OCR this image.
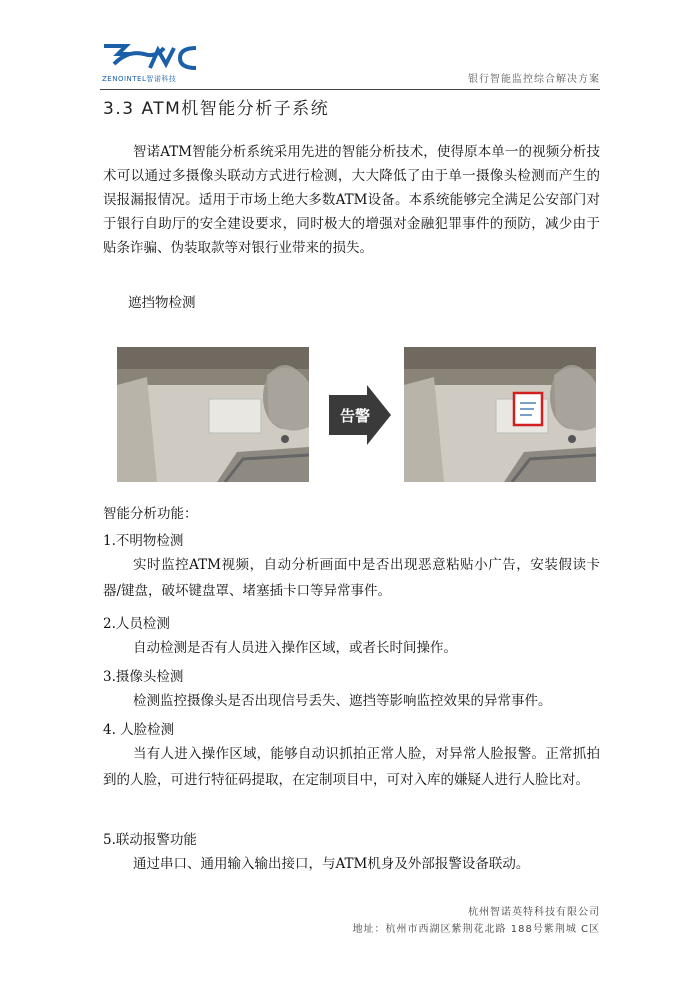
ZENOINTEL智诺科技	银行智能监控综合解决方案
3.3 ATM机智能分析子系统
智诺ATM智能分析系统采用先进的智能分析技术，使得原本单一的视频分析技术可以通过多摄像头联动方式进行检测，大大降低了由于单一摄像头检测而产生的误报漏报情况。适用于市场上绝大多数ATM设备。本系统能够完全满足公安部门对于银行自助厅的安全建设要求，同时极大的增强对金融犯罪事件的预防，减少由于贴条诈骗、伪装取款等对银行业带来的损失。
遮挡物检测
告警
智能分析功能：
1.不明物检测
实时监控ATM视频，自动分析画面中是否出现恶意粘贴小广告，安装假读卡器/键盘，破坏键盘罩、堵塞插卡口等异常事件。
2.人员检测
自动检测是否有人员进入操作区域，或者长时间操作。
3.摄像头检测
检测监控摄像头是否出现信号丢失、遮挡等影响监控效果的异常事件。
4. 人脸检测
当有人进入操作区域，能够自动识抓拍正常人脸，对异常人脸报警。正常抓拍到的人脸，可进行特征码提取，在定制项目中，可对入库的嫌疑人进行人脸比对。
5.联动报警功能
通过串口、通用输入输出接口，与ATM机身及外部报警设备联动。
杭州智诺英特科技有限公司
地址：杭州市西湖区紫荆花北路 188号紫荆城 C区
